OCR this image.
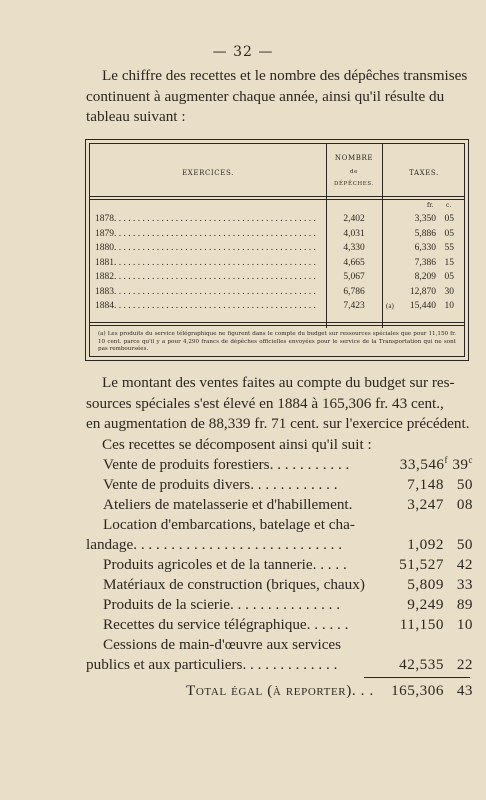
— 32 —
Le chiffre des recettes et le nombre des dépêches transmises
continuent à augmenter chaque année, ainsi qu'il résulte du
tableau suivant :
EXERCICES.
NOMBRE
de
DÉPÊCHES.
TAXES.
fr. c.
1878. . . . . . . . . . . . . . . . . . . . . . . . . . . . . . . . . . . . . . . . . . .	2,402	3,350 05
1879. . . . . . . . . . . . . . . . . . . . . . . . . . . . . . . . . . . . . . . . . . .	4,031	5,886 05
1880. . . . . . . . . . . . . . . . . . . . . . . . . . . . . . . . . . . . . . . . . . .	4,330	6,330 55
1881. . . . . . . . . . . . . . . . . . . . . . . . . . . . . . . . . . . . . . . . . . .	4,665	7,386 15
1882. . . . . . . . . . . . . . . . . . . . . . . . . . . . . . . . . . . . . . . . . . .	5,067	8,209 05
1883. . . . . . . . . . . . . . . . . . . . . . . . . . . . . . . . . . . . . . . . . . .	6,786	12,870 30
1884. . . . . . . . . . . . . . . . . . . . . . . . . . . . . . . . . . . . . . . . . . .	7,423	(a) 15,440 10
(a) Les produits du service télégraphique ne figurent dans le compte du budget sur ressources spéciales que pour 11,150 fr. 10 cent. parce qu'il y a pour 4,290 francs de dépêches officielles envoyées pour le service de la Transportation qui ne sont pas remboursées.
Le montant des ventes faites au compte du budget sur res-
sources spéciales s'est élevé en 1884 à 165,306 fr. 43 cent.,
en augmentation de 88,339 fr. 71 cent. sur l'exercice précédent.
Ces recettes se décomposent ainsi qu'il suit :
Vente de produits forestiers. . . . . . . . . . .	33,546$^f$ 39$^c$
Vente de produits divers. . . . . . . . . . . .	7,148 50
Ateliers de matelasserie et d'habillement.	3,247 08
Location d'embarcations, batelage et cha-
landage. . . . . . . . . . . . . . . . . . . . . . . . . . . .	1,092 50
Produits agricoles et de la tannerie. . . . .	51,527 42
Matériaux de construction (briques, chaux)	5,809 33
Produits de la scierie. . . . . . . . . . . . . . .	9,249 89
Recettes du service télégraphique. . . . . .	11,150 10
Cessions de main-d'œuvre aux services
publics et aux particuliers. . . . . . . . . . . . .	42,535 22
Total égal (à reporter). . . 165,306 43
